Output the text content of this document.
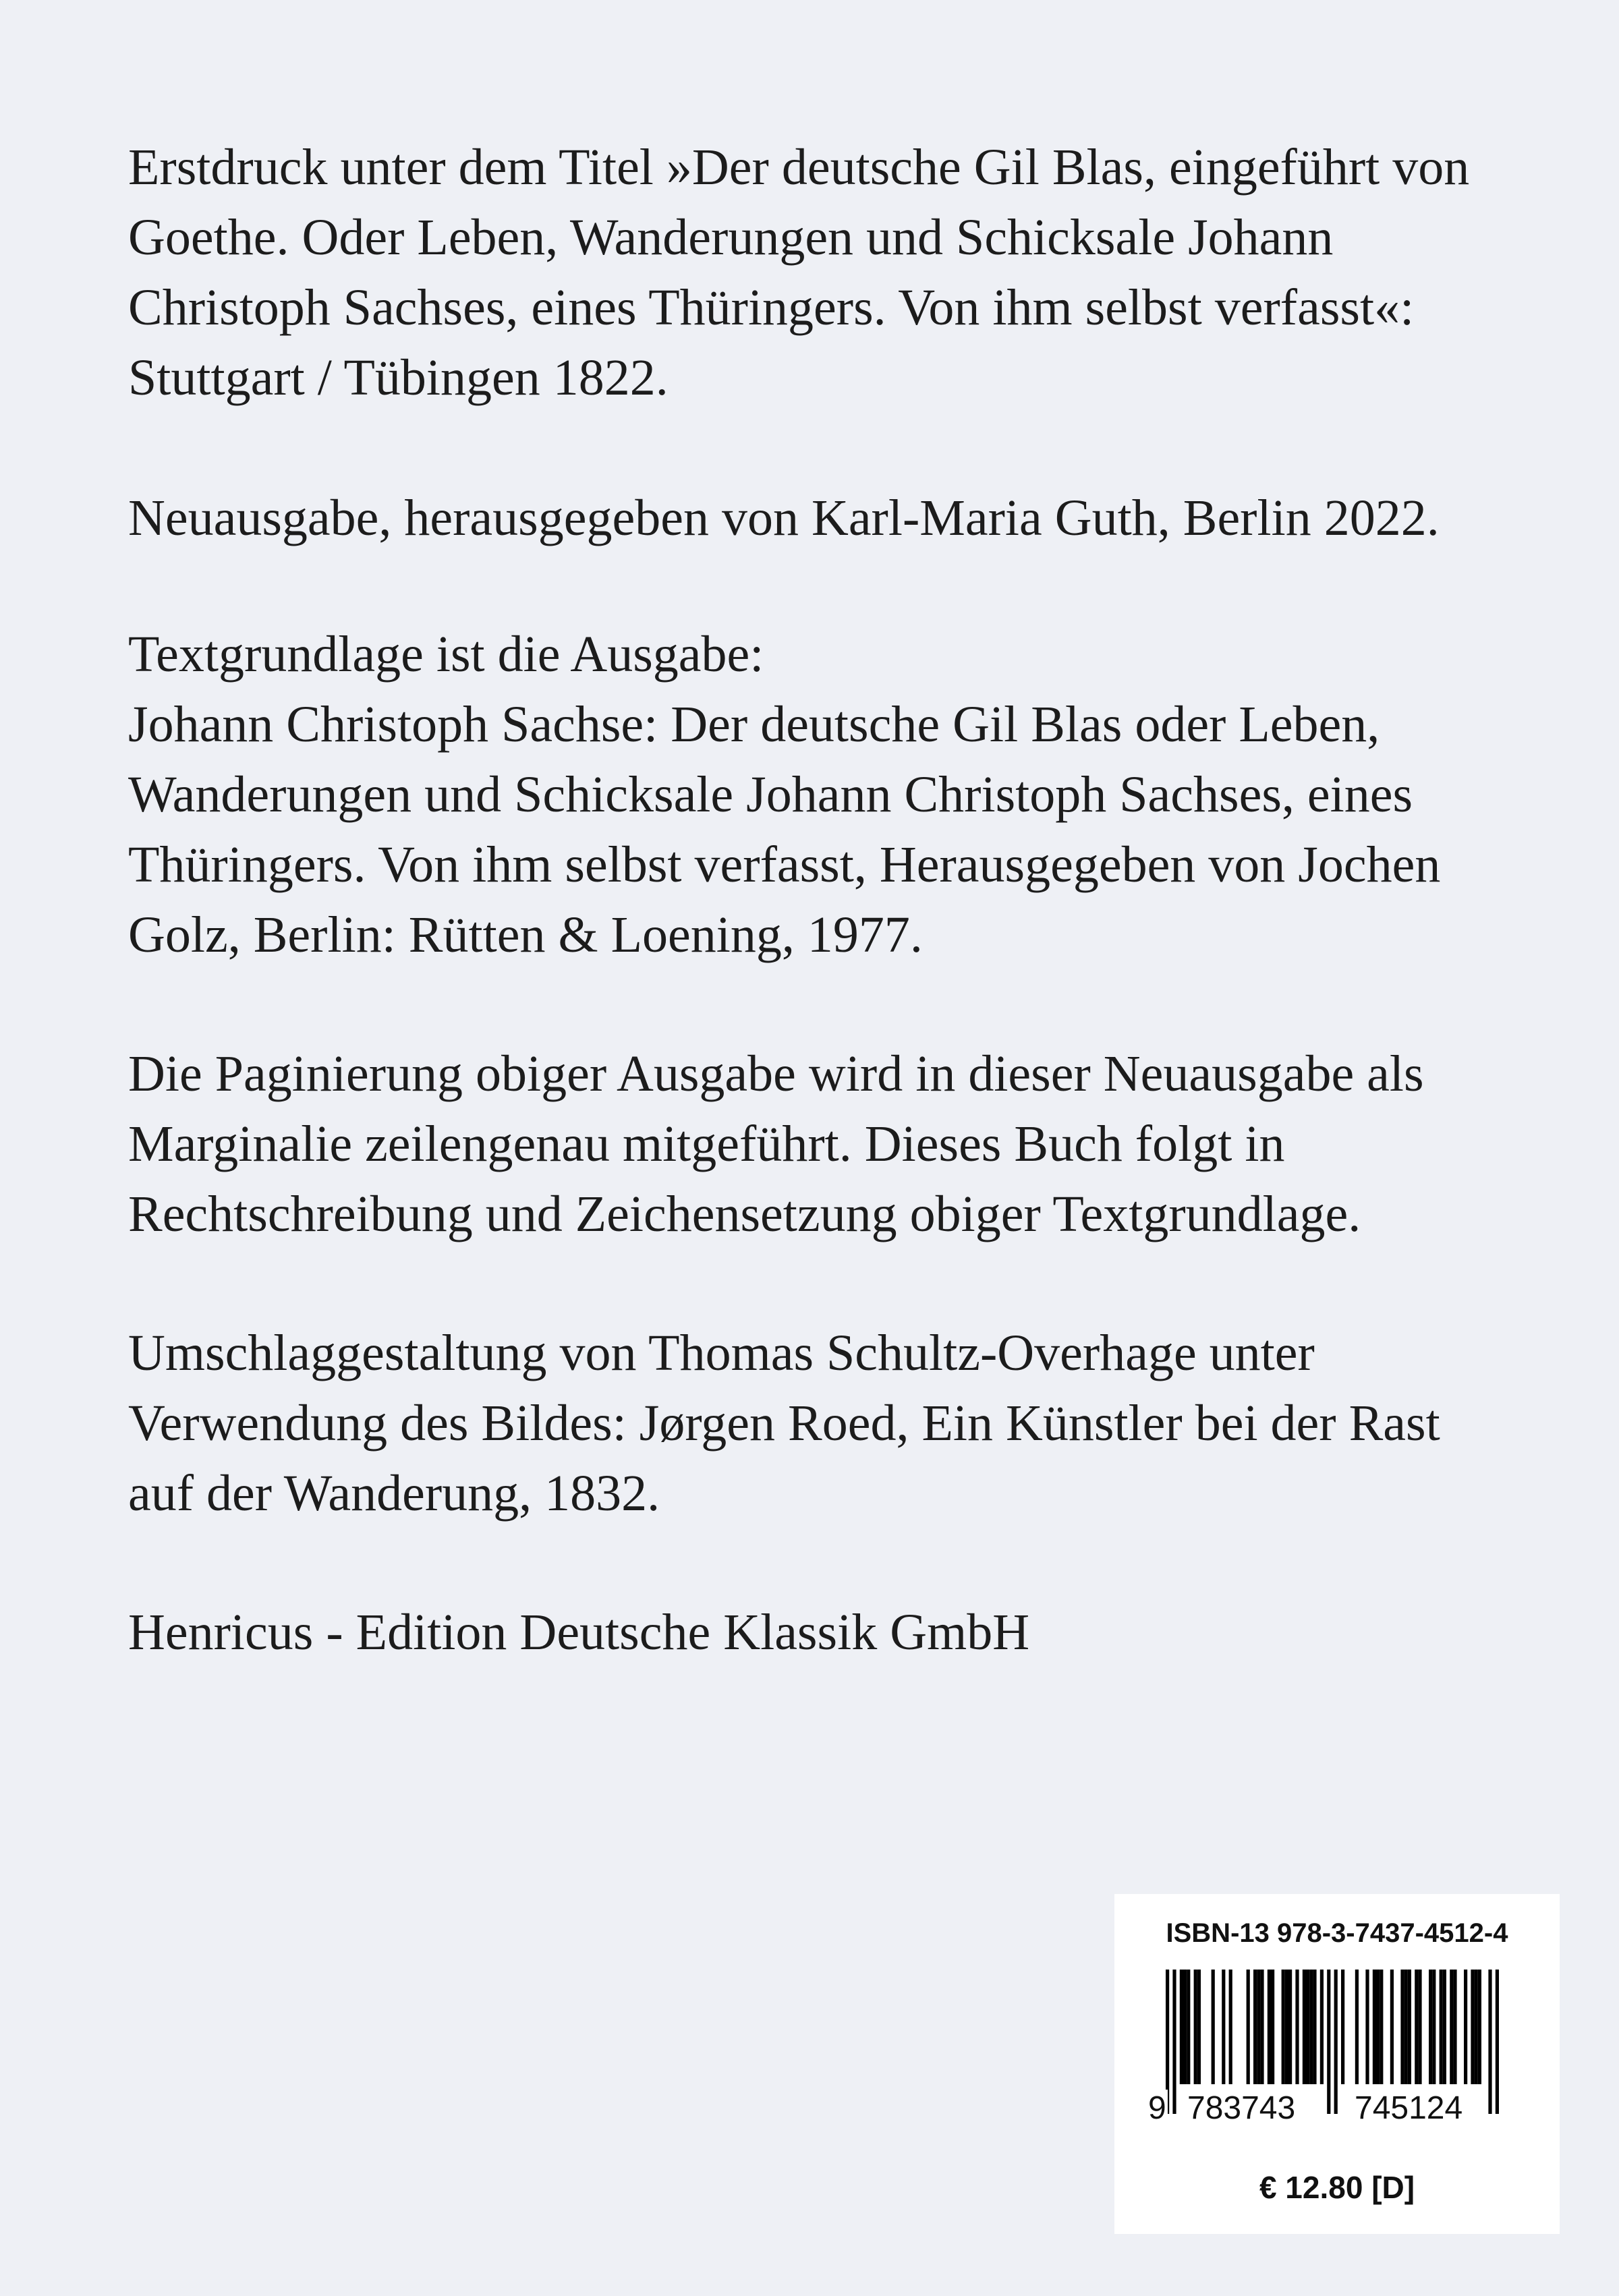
Erstdruck unter dem Titel »Der deutsche Gil Blas, eingeführt von
Goethe. Oder Leben, Wanderungen und Schicksale Johann
Christoph Sachses, eines Thüringers. Von ihm selbst verfasst«:
Stuttgart / Tübingen 1822.
Neuausgabe, herausgegeben von Karl-Maria Guth, Berlin 2022.
Textgrundlage ist die Ausgabe:
Johann Christoph Sachse: Der deutsche Gil Blas oder Leben,
Wanderungen und Schicksale Johann Christoph Sachses, eines
Thüringers. Von ihm selbst verfasst, Herausgegeben von Jochen
Golz, Berlin: Rütten & Loening, 1977.
Die Paginierung obiger Ausgabe wird in dieser Neuausgabe als
Marginalie zeilengenau mitgeführt. Dieses Buch folgt in
Rechtschreibung und Zeichensetzung obiger Textgrundlage.
Umschlaggestaltung von Thomas Schultz-Overhage unter
Verwendung des Bildes: Jørgen Roed, Ein Künstler bei der Rast
auf der Wanderung, 1832.
Henricus - Edition Deutsche Klassik GmbH
ISBN-13 978-3-7437-4512-4
9 783743 745124
€ 12.80 [D]
